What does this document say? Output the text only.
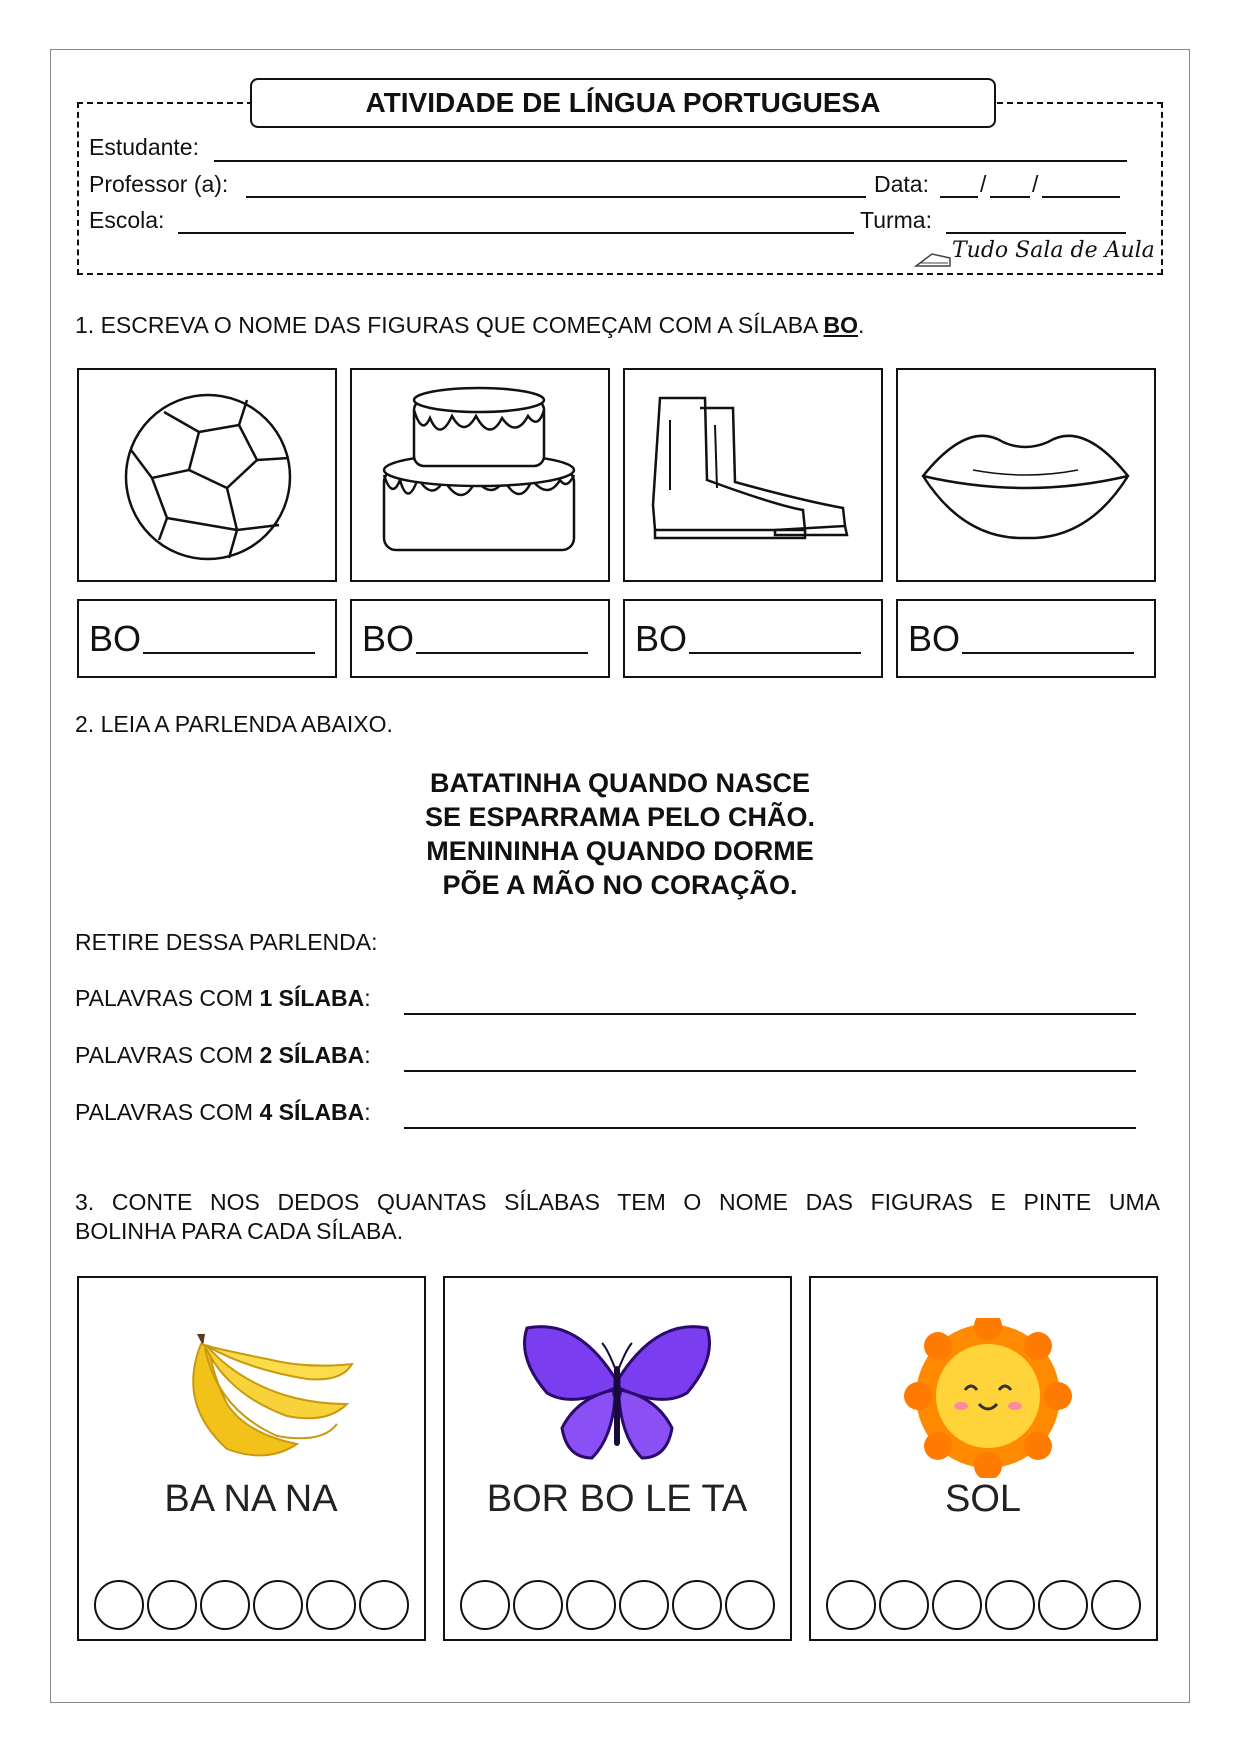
ATIVIDADE DE LÍNGUA PORTUGUESA
Estudante:
Professor (a):	Data: / /
Escola:	Turma:
Tudo Sala de Aula
1. ESCREVA O NOME DAS FIGURAS QUE COMEÇAM COM A SÍLABA BO.
BO	BO	BO	BO
2. LEIA A PARLENDA ABAIXO.
BATATINHA QUANDO NASCE
SE ESPARRAMA PELO CHÃO.
MENININHA QUANDO DORME
PÕE A MÃO NO CORAÇÃO.
RETIRE DESSA PARLENDA:
PALAVRAS COM 1 SÍLABA:
PALAVRAS COM 2 SÍLABA:
PALAVRAS COM 4 SÍLABA:
3. CONTE NOS DEDOS QUANTAS SÍLABAS TEM O NOME DAS FIGURAS E PINTE UMA
BOLINHA PARA CADA SÍLABA.
BA NA NA	BOR BO LE TA	SOL
